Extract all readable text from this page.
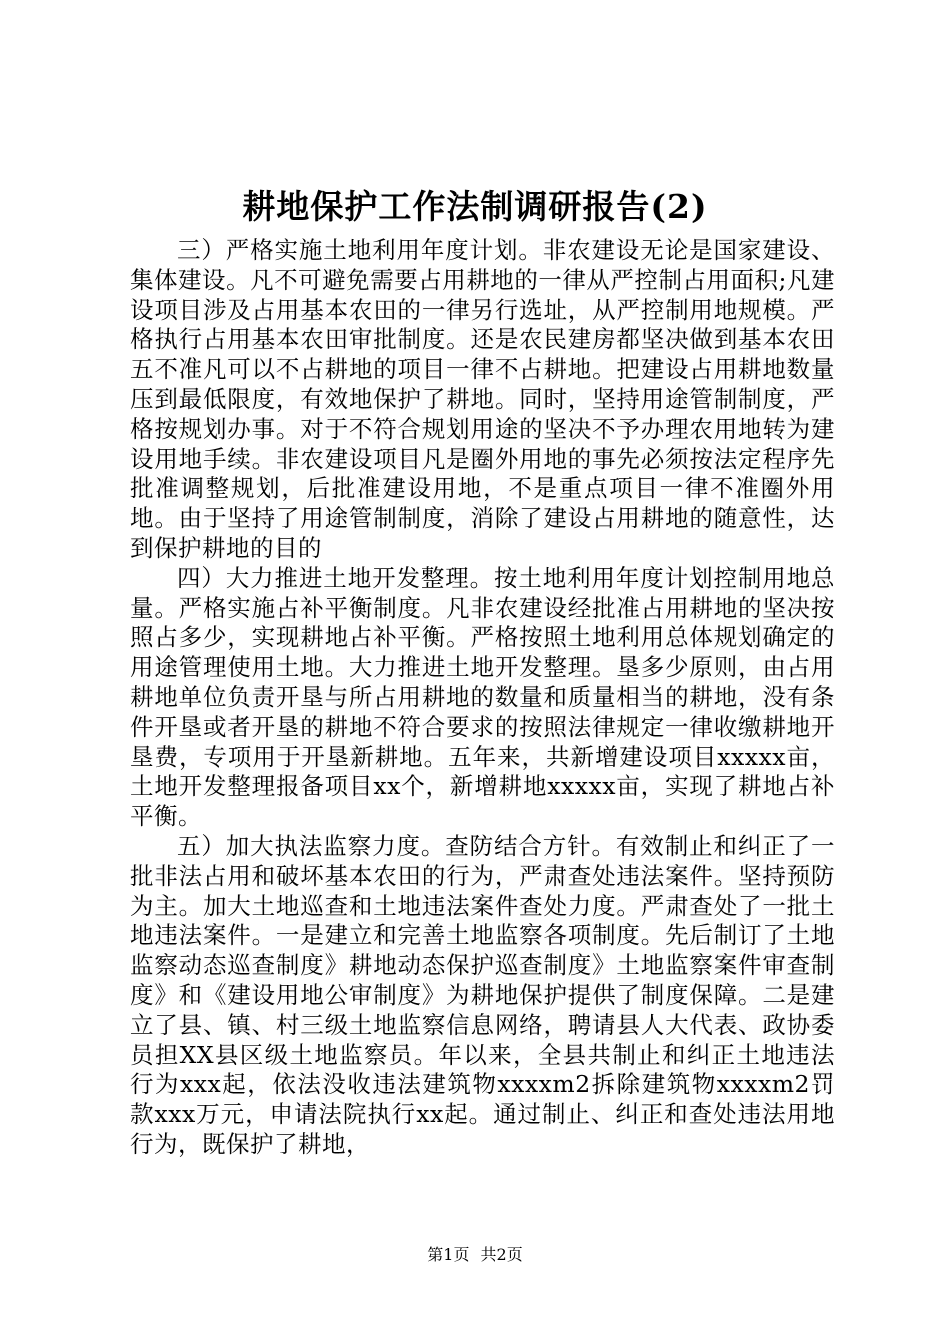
耕地保护工作法制调研报告(2)

三）严格实施土地利用年度计划。非农建设无论是国家建设、集体建设。凡不可避免需要占用耕地的一律从严控制占用面积;凡建设项目涉及占用基本农田的一律另行选址，从严控制用地规模。严格执行占用基本农田审批制度。还是农民建房都坚决做到基本农田五不准凡可以不占耕地的项目一律不占耕地。把建设占用耕地数量压到最低限度，有效地保护了耕地。同时，坚持用途管制制度，严格按规划办事。对于不符合规划用途的坚决不予办理农用地转为建设用地手续。非农建设项目凡是圈外用地的事先必须按法定程序先批准调整规划，后批准建设用地，不是重点项目一律不准圈外用地。由于坚持了用途管制制度，消除了建设占用耕地的随意性，达到保护耕地的目的

四）大力推进土地开发整理。按土地利用年度计划控制用地总量。严格实施占补平衡制度。凡非农建设经批准占用耕地的坚决按照占多少，实现耕地占补平衡。严格按照土地利用总体规划确定的用途管理使用土地。大力推进土地开发整理。垦多少原则，由占用耕地单位负责开垦与所占用耕地的数量和质量相当的耕地，没有条件开垦或者开垦的耕地不符合要求的按照法律规定一律收缴耕地开垦费，专项用于开垦新耕地。五年来，共新增建设项目xxxxx亩，土地开发整理报备项目xx个，新增耕地xxxxx亩，实现了耕地占补平衡。

五）加大执法监察力度。查防结合方针。有效制止和纠正了一批非法占用和破坏基本农田的行为，严肃查处违法案件。坚持预防为主。加大土地巡查和土地违法案件查处力度。严肃查处了一批土地违法案件。一是建立和完善土地监察各项制度。先后制订了土地监察动态巡查制度》耕地动态保护巡查制度》土地监察案件审查制度》和《建设用地公审制度》为耕地保护提供了制度保障。二是建立了县、镇、村三级土地监察信息网络，聘请县人大代表、政协委员担XX县区级土地监察员。年以来，全县共制止和纠正土地违法行为xxx起，依法没收违法建筑物xxxxm2拆除建筑物xxxxm2罚款xxx万元，申请法院执行xx起。通过制止、纠正和查处违法用地行为，既保护了耕地，

第1页 共2页
